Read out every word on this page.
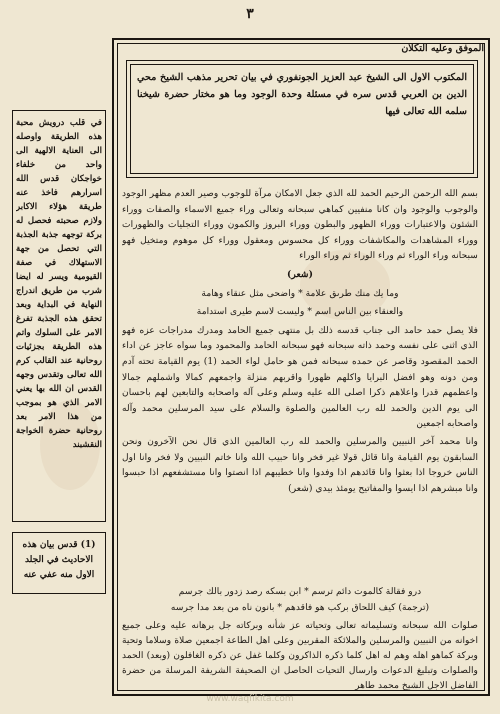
٣
الموفق وعليه التكلان
المكتوب الاول الى الشيخ عبد العزيز الجونفوري في بيان تحرير مذهب الشيخ محي الدين بن العربي قدس سره في مسئلة وحدة الوجود وما هو مختار حضرة شيخنا سلمه الله تعالى فيها

بسم الله الرحمن الرحيم الحمد لله الذي جعل الامكان مرآة للوجوب وصير العدم مظهر الوجود والوجوب والوجود وان كانا منفيين كماهي سبحانه وتعالى وراء جميع الاسماء والصفات ووراء الشئون والاعتبارات ووراء الظهور والبطون ووراء البروز والكمون ووراء التجليات والظهورات ووراء المشاهدات والمكاشفات ووراء كل محسوس ومعقول ووراء كل موهوم ومتخيل فهو سبحانه وراء الوراء ثم وراء الوراء ثم وراء الوراء

(شعر)
وما يك منك طرىق علامة * واضحى مثل عنقاء وهامة
والعنقاء بين الناس اسم * وليست لاسم طيرى استدامة

فلا يصل حمد حامد الى جناب قدسه ذلك بل منتهى جميع الحامد ومدرك مدراجات عزه فهو الذي اثنى على نفسه وحمد ذاته سبحانه فهو سبحانه الحامد والمحمود وما سواه عاجز عن اداء الحمد المقصود وقاصر عن حمده سبحانه فمن هو حامل لواء الحمد (1) يوم القيامة تحته آدم ومن دونه وهو افضل البرايا واكلهم ظهورا واقربهم منزلة واجمعهم كمالا واشملهم جمالا واعظمهم قدرا واعلاهم ذكرا اصلى الله عليه وسلم وعلى آله واصحابه والتابعين لهم باحسان الى يوم الدين والحمد لله رب العالمين والصلوة والسلام على سيد المرسلين محمد وآله واصحابه اجمعين

وانا محمد آخر النبيين والمرسلين والحمد لله رب العالمين الذي قال نحن الآخرون ونحن السابقون يوم القيامة وانا قائل قولا غير فخر وانا حبيب الله وانا خاتم النبيين ولا فخر وانا اول الناس خروجا اذا بعثوا وانا قائدهم اذا وفدوا وانا خطيبهم اذا انصتوا وانا مستشفعهم اذا حبسوا وانا مبشرهم اذا ايسوا والمفاتيح يومئذ بيدي (شعر)

درو فقالة كالموت دائم ترسم * ابن بسكه رصد زدور بالك جرسم
(ترجمة) كيف اللحاق بركب هو فاقدهم * بانون ناه من بعد مدا جرسه
صلوات الله سبحانه وتسليماته تعالى وتحياته عز شأنه وبركاته جل برهانه عليه وعلى جميع اخوانه من النبيين والمرسلين والملائكة المقربين وعلى اهل الطاعة اجمعين صلاة وسلاما وتحية وبركة كماهو اهله وهم له اهل كلما ذكره الذاكرون وكلما غفل عن ذكره الغافلون (وبعد) الحمد والصلوات وتبليغ الدعوات وارسال التحيات الحاصل ان الصحيفة الشريفة المرسلة من حضرة الفاضل الاجل الشيخ محمد طاهر
في قلب درويش محبة هذه الطريقة واوصله الى العناية الالهية الى واحد من خلفاء خواجكان قدس الله اسرارهم فاخذ عنه طريقة هؤلاء الاكابر ولازم صحبته فحصل له بركة توجهه جذبة الجذبة التي تحصل من جهة الاستهلاك في صفة القيومية ويسر له ايضا شرب من طريق اندراج النهاية في البداية وبعد تحقق هذه الجذبة تفرغ الامر على السلوك واتم هذه الطريقة بجزئيات روحانية عند القالب كرم الله تعالى وتقدس وجهه القدس ان الله بها يعني الامر الذي هو بموجب من هذا الامر بعد روحانية حضرة الخواجة النقشبند
(1) قدس بيان هذه الاحاديث في الجلد الاول منه عفي عنه
www.waqfikita.com
